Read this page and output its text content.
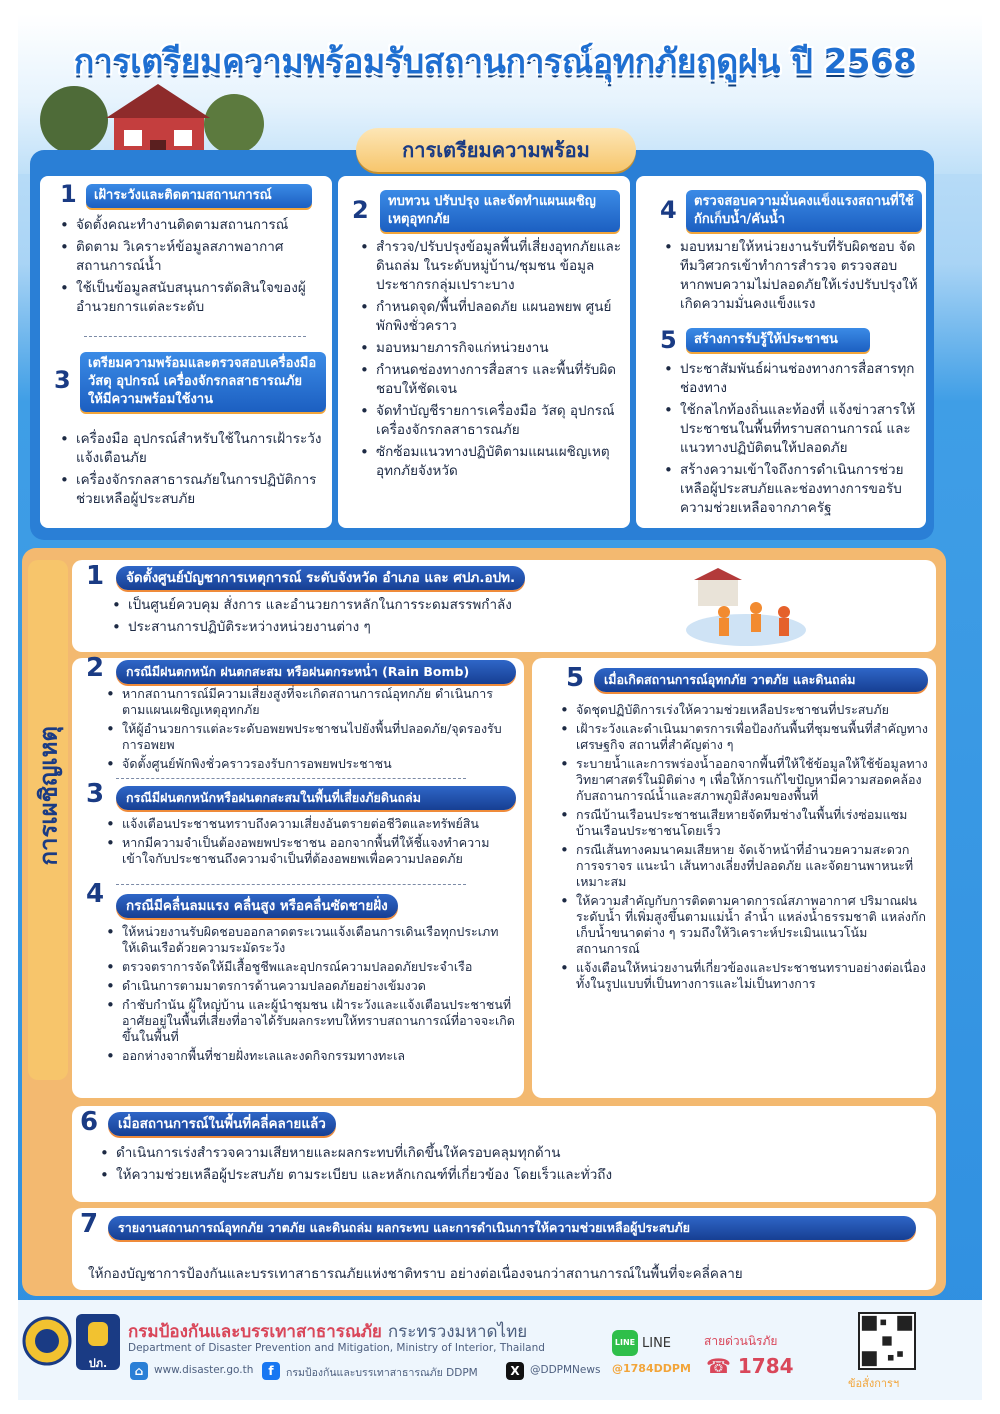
การเตรียมความพร้อมรับสถานการณ์อุทกภัยฤดูฝน ปี 2568
การเตรียมความพร้อม
1	เฝ้าระวังและติดตามสถานการณ์
• จัดตั้งคณะทำงานติดตามสถานการณ์
• ติดตาม วิเคราะห์ข้อมูลสภาพอากาศ สถานการณ์น้ำ
• ใช้เป็นข้อมูลสนับสนุนการตัดสินใจของผู้อำนวยการแต่ละระดับ
3
เตรียมความพร้อมและตรวจสอบเครื่องมือ วัสดุ อุปกรณ์ เครื่องจักรกลสาธารณภัย ให้มีความพร้อมใช้งาน
• เครื่องมือ อุปกรณ์สำหรับใช้ในการเฝ้าระวังแจ้งเตือนภัย
• เครื่องจักรกลสาธารณภัยในการปฏิบัติการช่วยเหลือผู้ประสบภัย
2	ทบทวน ปรับปรุง และจัดทำแผนเผชิญเหตุอุทกภัย
• สำรวจ/ปรับปรุงข้อมูลพื้นที่เสี่ยงอุทกภัยและดินถล่ม ในระดับหมู่บ้าน/ชุมชน ข้อมูลประชากรกลุ่มเปราะบาง
• กำหนดจุด/พื้นที่ปลอดภัย แผนอพยพ ศูนย์พักพิงชั่วคราว
• มอบหมายภารกิจแก่หน่วยงาน
• กำหนดช่องทางการสื่อสาร และพื้นที่รับผิดชอบให้ชัดเจน
• จัดทำบัญชีรายการเครื่องมือ วัสดุ อุปกรณ์ เครื่องจักรกลสาธารณภัย
• ซักซ้อมแนวทางปฏิบัติตามแผนเผชิญเหตุอุทกภัยจังหวัด
4	ตรวจสอบความมั่นคงแข็งแรงสถานที่ใช้กักเก็บน้ำ/คันน้ำ
• มอบหมายให้หน่วยงานรับที่รับผิดชอบ จัดทีมวิศวกรเข้าทำการสำรวจ ตรวจสอบ หากพบความไม่ปลอดภัยให้เร่งปรับปรุงให้เกิดความมั่นคงแข็งแรง
5	สร้างการรับรู้ให้ประชาชน
• ประชาสัมพันธ์ผ่านช่องทางการสื่อสารทุกช่องทาง
• ใช้กลไกท้องถิ่นและท้องที่ แจ้งข่าวสารให้ประชาชนในพื้นที่ทราบสถานการณ์ และแนวทางปฏิบัติตนให้ปลอดภัย
• สร้างความเข้าใจถึงการดำเนินการช่วยเหลือผู้ประสบภัยและช่องทางการขอรับความช่วยเหลือจากภาครัฐ
1	จัดตั้งศูนย์บัญชาการเหตุการณ์ ระดับจังหวัด อำเภอ และ ศปภ.อปท.
• เป็นศูนย์ควบคุม สั่งการ และอำนวยการหลักในการระดมสรรพกำลัง
• ประสานการปฏิบัติระหว่างหน่วยงานต่าง ๆ
2	กรณีมีฝนตกหนัก ฝนตกสะสม หรือฝนตกระหน่ำ (Rain Bomb)
• หากสถานการณ์มีความเสี่ยงสูงที่จะเกิดสถานการณ์อุทกภัย ดำเนินการตามแผนเผชิญเหตุอุทกภัย
• ให้ผู้อำนวยการแต่ละระดับอพยพประชาชนไปยังพื้นที่ปลอดภัย/จุดรองรับการอพยพ
• จัดตั้งศูนย์พักพิงชั่วคราวรองรับการอพยพประชาชน
3	กรณีมีฝนตกหนักหรือฝนตกสะสมในพื้นที่เสี่ยงภัยดินถล่ม
• แจ้งเตือนประชาชนทราบถึงความเสี่ยงอันตรายต่อชีวิตและทรัพย์สิน
• หากมีความจำเป็นต้องอพยพประชาชน ออกจากพื้นที่ให้ชี้แจงทำความเข้าใจกับประชาชนถึงความจำเป็นที่ต้องอพยพเพื่อความปลอดภัย
4	กรณีมีคลื่นลมแรง คลื่นสูง หรือคลื่นซัดชายฝั่ง
• ให้หน่วยงานรับผิดชอบออกลาดตระเวนแจ้งเตือนการเดินเรือทุกประเภท ให้เดินเรือด้วยความระมัดระวัง
• ตรวจตราการจัดให้มีเสื้อชูชีพและอุปกรณ์ความปลอดภัยประจำเรือ
• ดำเนินการตามมาตรการด้านความปลอดภัยอย่างเข้มงวด
• กำชับกำนัน ผู้ใหญ่บ้าน และผู้นำชุมชน เฝ้าระวังและแจ้งเตือนประชาชนที่อาศัยอยู่ในพื้นที่เสี่ยงที่อาจได้รับผลกระทบให้ทราบสถานการณ์ที่อาจจะเกิดขึ้นในพื้นที่
• ออกห่างจากพื้นที่ชายฝั่งทะเลและงดกิจกรรมทางทะเล
5	เมื่อเกิดสถานการณ์อุทกภัย วาตภัย และดินถล่ม
• จัดชุดปฏิบัติการเร่งให้ความช่วยเหลือประชาชนที่ประสบภัย
• เฝ้าระวังและดำเนินมาตรการเพื่อป้องกันพื้นที่ชุมชนพื้นที่สำคัญทางเศรษฐกิจ สถานที่สำคัญต่าง ๆ
• ระบายน้ำและการพร่องน้ำออกจากพื้นที่ให้ใช้ข้อมูลให้ใช้ข้อมูลทางวิทยาศาสตร์ในมิติต่าง ๆ เพื่อให้การแก้ไขปัญหามีความสอดคล้องกับสถานการณ์น้ำและสภาพภูมิสังคมของพื้นที่
• กรณีบ้านเรือนประชาชนเสียหายจัดทีมช่างในพื้นที่เร่งซ่อมแซมบ้านเรือนประชาชนโดยเร็ว
• กรณีเส้นทางคมนาคมเสียหาย จัดเจ้าหน้าที่อำนวยความสะดวกการจราจร แนะนำ เส้นทางเลี่ยงที่ปลอดภัย และจัดยานพาหนะที่เหมาะสม
• ให้ความสำคัญกับการติดตามคาดการณ์สภาพอากาศ ปริมาณฝน ระดับน้ำ ที่เพิ่มสูงขึ้นตามแม่น้ำ ลำน้ำ แหล่งน้ำธรรมชาติ แหล่งกักเก็บน้ำขนาดต่าง ๆ รวมถึงให้วิเคราะห์ประเมินแนวโน้มสถานการณ์
• แจ้งเตือนให้หน่วยงานที่เกี่ยวข้องและประชาชนทราบอย่างต่อเนื่อง ทั้งในรูปแบบที่เป็นทางการและไม่เป็นทางการ
6	เมื่อสถานการณ์ในพื้นที่คลี่คลายแล้ว
• ดำเนินการเร่งสำรวจความเสียหายและผลกระทบที่เกิดขึ้นให้ครอบคลุมทุกด้าน
• ให้ความช่วยเหลือผู้ประสบภัย ตามระเบียบ และหลักเกณฑ์ที่เกี่ยวข้อง โดยเร็วและทั่วถึง
7	รายงานสถานการณ์อุทกภัย วาตภัย และดินถล่ม ผลกระทบ และการดำเนินการให้ความช่วยเหลือผู้ประสบภัย
ให้กองบัญชาการป้องกันและบรรเทาสาธารณภัยแห่งชาติทราบ อย่างต่อเนื่องจนกว่าสถานการณ์ในพื้นที่จะคลี่คลาย
ปภ.
กรมป้องกันและบรรเทาสาธารณภัย กระทรวงมหาดไทย
Department of Disaster Prevention and Mitigation, Ministry of Interior, Thailand
⌂	www.disaster.go.th	f	กรมป้องกันและบรรเทาสาธารณภัย DDPM	X @DDPMNews
LINE LINE
@1784DDPM
สายด่วนนิรภัย
☎ 1784
ข้อสั่งการฯ
